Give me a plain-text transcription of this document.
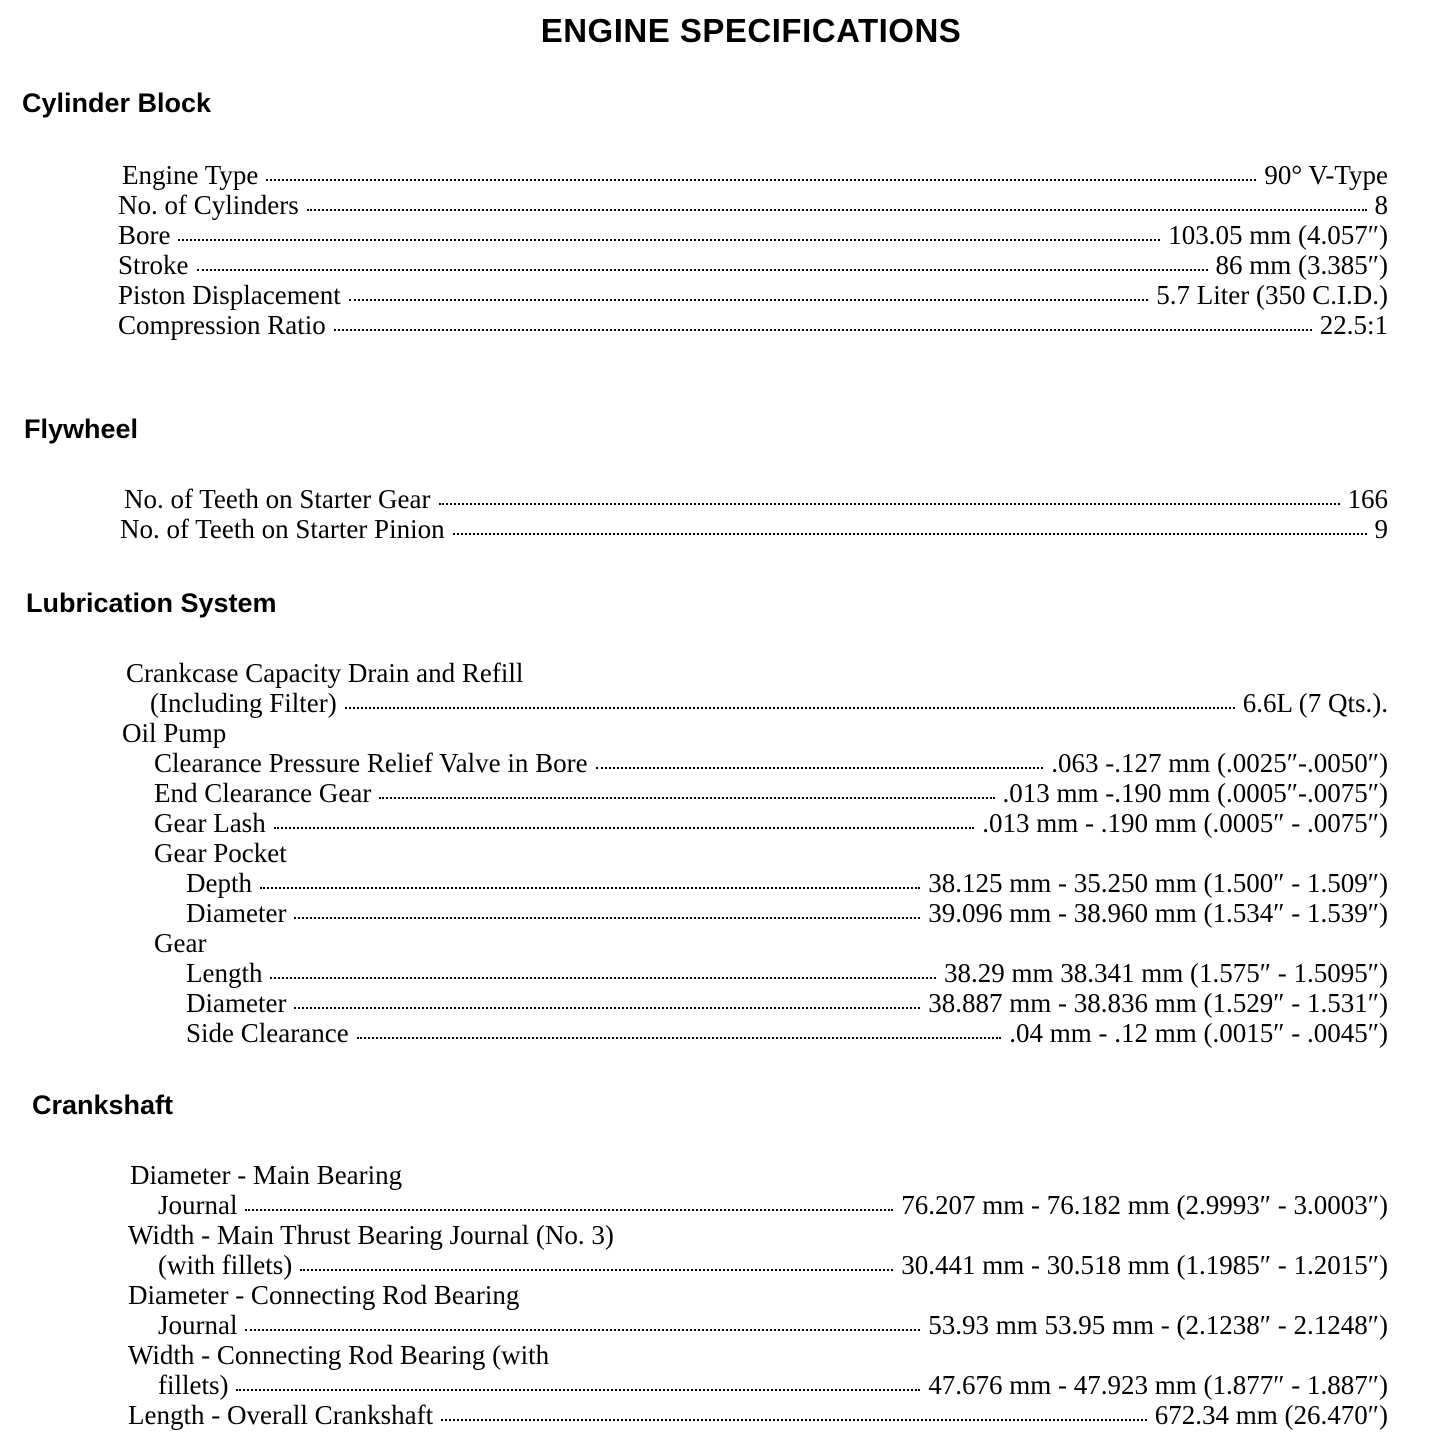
ENGINE SPECIFICATIONS
Cylinder Block
Engine Type	90° V-Type
No. of Cylinders	8
Bore	103.05 mm (4.057″)
Stroke	86 mm (3.385″)
Piston Displacement	5.7 Liter (350 C.I.D.)
Compression Ratio	22.5:1
Flywheel
No. of Teeth on Starter Gear	166
No. of Teeth on Starter Pinion	9
Lubrication System
Crankcase Capacity Drain and Refill
(Including Filter)	6.6L (7 Qts.).
Oil Pump
Clearance Pressure Relief Valve in Bore	.063 -.127 mm (.0025″-.0050″)
End Clearance Gear	.013 mm -.190 mm (.0005″-.0075″)
Gear Lash	.013 mm - .190 mm (.0005″ - .0075″)
Gear Pocket
Depth	38.125 mm - 35.250 mm (1.500″ - 1.509″)
Diameter	39.096 mm - 38.960 mm (1.534″ - 1.539″)
Gear
Length	38.29 mm 38.341 mm (1.575″ - 1.5095″)
Diameter	38.887 mm - 38.836 mm (1.529″ - 1.531″)
Side Clearance	.04 mm - .12 mm (.0015″ - .0045″)
Crankshaft
Diameter - Main Bearing
Journal	76.207 mm - 76.182 mm (2.9993″ - 3.0003″)
Width - Main Thrust Bearing Journal (No. 3)
(with fillets)	30.441 mm - 30.518 mm (1.1985″ - 1.2015″)
Diameter - Connecting Rod Bearing
Journal	53.93 mm 53.95 mm - (2.1238″ - 2.1248″)
Width - Connecting Rod Bearing (with
fillets)	47.676 mm - 47.923 mm (1.877″ - 1.887″)
Length - Overall Crankshaft	672.34 mm (26.470″)
